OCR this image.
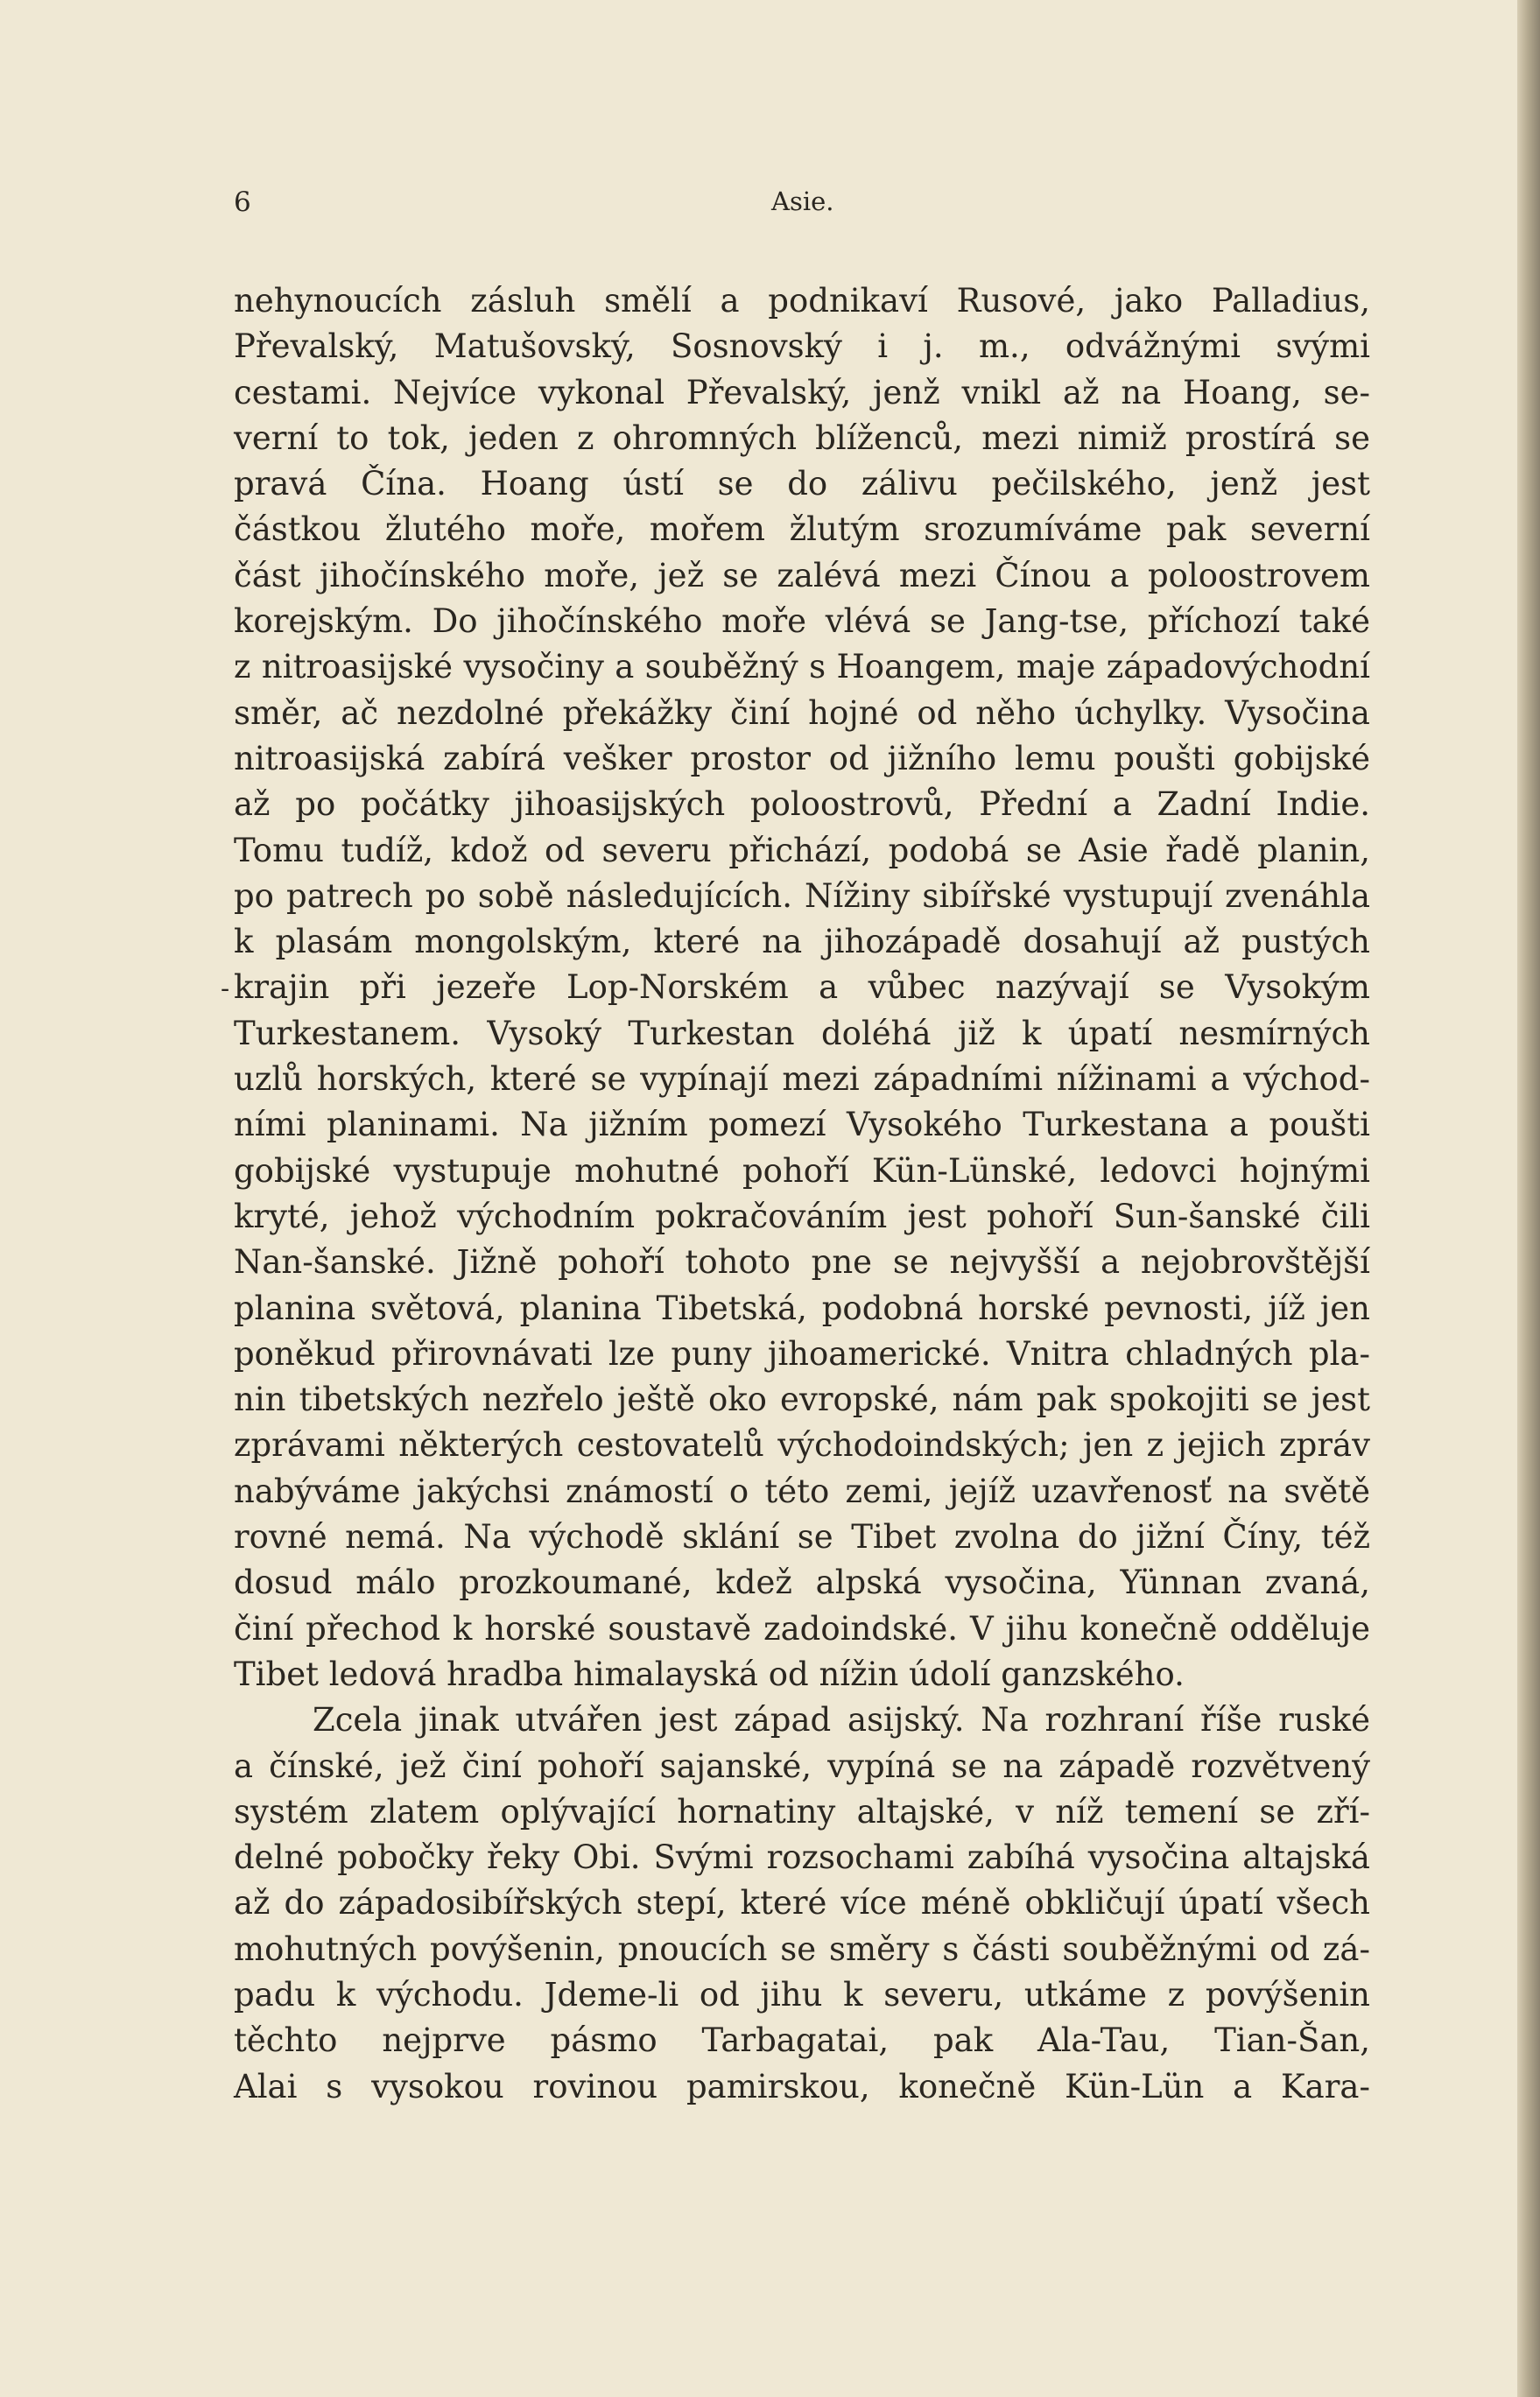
6	Asie.
-
nehynoucích zásluh smělí a podnikaví Rusové, jako Palladius,
Převalský, Matušovský, Sosnovský i j. m., odvážnými svými
cestami. Nejvíce vykonal Převalský, jenž vnikl až na Hoang, se-
verní to tok, jeden z ohromných blíženců, mezi nimiž prostírá se
pravá Čína. Hoang ústí se do zálivu pečilského, jenž jest
částkou žlutého moře, mořem žlutým srozumíváme pak severní
část jihočínského moře, jež se zalévá mezi Čínou a poloostrovem
korejským. Do jihočínského moře vlévá se Jang-tse, příchozí také
z nitroasijské vysočiny a souběžný s Hoangem, maje západovýchodní
směr, ač nezdolné překážky činí hojné od něho úchylky. Vysočina
nitroasijská zabírá vešker prostor od jižního lemu poušti gobijské
až po počátky jihoasijských poloostrovů, Přední a Zadní Indie.
Tomu tudíž, kdož od severu přichází, podobá se Asie řadě planin,
po patrech po sobě následujících. Nížiny sibířské vystupují zvenáhla
k plasám mongolským, které na jihozápadě dosahují až pustých
krajin při jezeře Lop-Norském a vůbec nazývají se Vysokým
Turkestanem. Vysoký Turkestan doléhá již k úpatí nesmírných
uzlů horských, které se vypínají mezi západními nížinami a východ-
ními planinami. Na jižním pomezí Vysokého Turkestana a poušti
gobijské vystupuje mohutné pohoří Kün-Lünské, ledovci hojnými
kryté, jehož východním pokračováním jest pohoří Sun-šanské čili
Nan-šanské. Jižně pohoří tohoto pne se nejvyšší a nejobrovštější
planina světová, planina Tibetská, podobná horské pevnosti, jíž jen
poněkud přirovnávati lze puny jihoamerické. Vnitra chladných pla-
nin tibetských nezřelo ještě oko evropské, nám pak spokojiti se jest
zprávami některých cestovatelů východoindských; jen z jejich zpráv
nabýváme jakýchsi známostí o této zemi, jejíž uzavřenosť na světě
rovné nemá. Na východě sklání se Tibet zvolna do jižní Číny, též
dosud málo prozkoumané, kdež alpská vysočina, Yünnan zvaná,
činí přechod k horské soustavě zadoindské. V jihu konečně odděluje
Tibet ledová hradba himalayská od nížin údolí ganzského.
Zcela jinak utvářen jest západ asijský. Na rozhraní říše ruské
a čínské, jež činí pohoří sajanské, vypíná se na západě rozvětvený
systém zlatem oplývající hornatiny altajské, v níž temení se zří-
delné pobočky řeky Obi. Svými rozsochami zabíhá vysočina altajská
až do západosibířských stepí, které více méně obkličují úpatí všech
mohutných povýšenin, pnoucích se směry s části souběžnými od zá-
padu k východu. Jdeme-li od jihu k severu, utkáme z povýšenin
těchto nejprve pásmo Tarbagatai, pak Ala-Tau, Tian-Šan,
Alai s vysokou rovinou pamirskou, konečně Kün-Lün a Kara-
